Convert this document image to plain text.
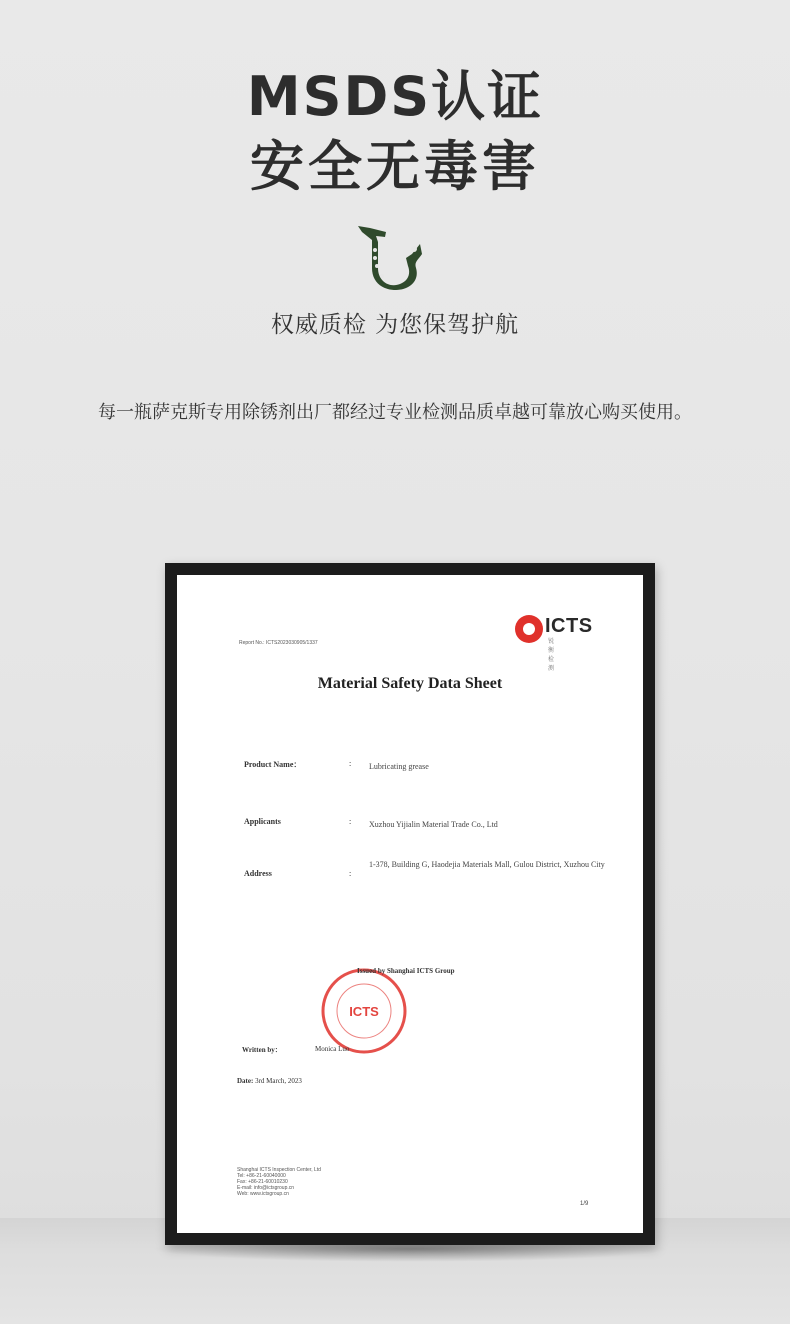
MSDS认证
安全无毒害
权威质检 为您保驾护航
每一瓶萨克斯专用除锈剂出厂都经过专业检测品质卓越可靠放心购买使用。
Report No.: ICTS2023030905/1337
ICTS
锐 衡 检 测
Material Safety Data Sheet
Product Name：	: Lubricating grease
Applicants	: Xuzhou Yijialin Material Trade Co., Ltd
Address	:
1-378, Building G, Haodejia Materials Mall, Gulou District, Xuzhou City
ICTS
Issued by Shanghai ICTS Group
Written by：	Monica Luo
Date: 3rd March, 2023
Shanghai ICTS Inspection Center, Ltd
Tel: +86-21-60040000
Fax: +86-21-60010230
E-mail: info@ictsgroup.cn
Web: www.ictsgroup.cn
1/9
